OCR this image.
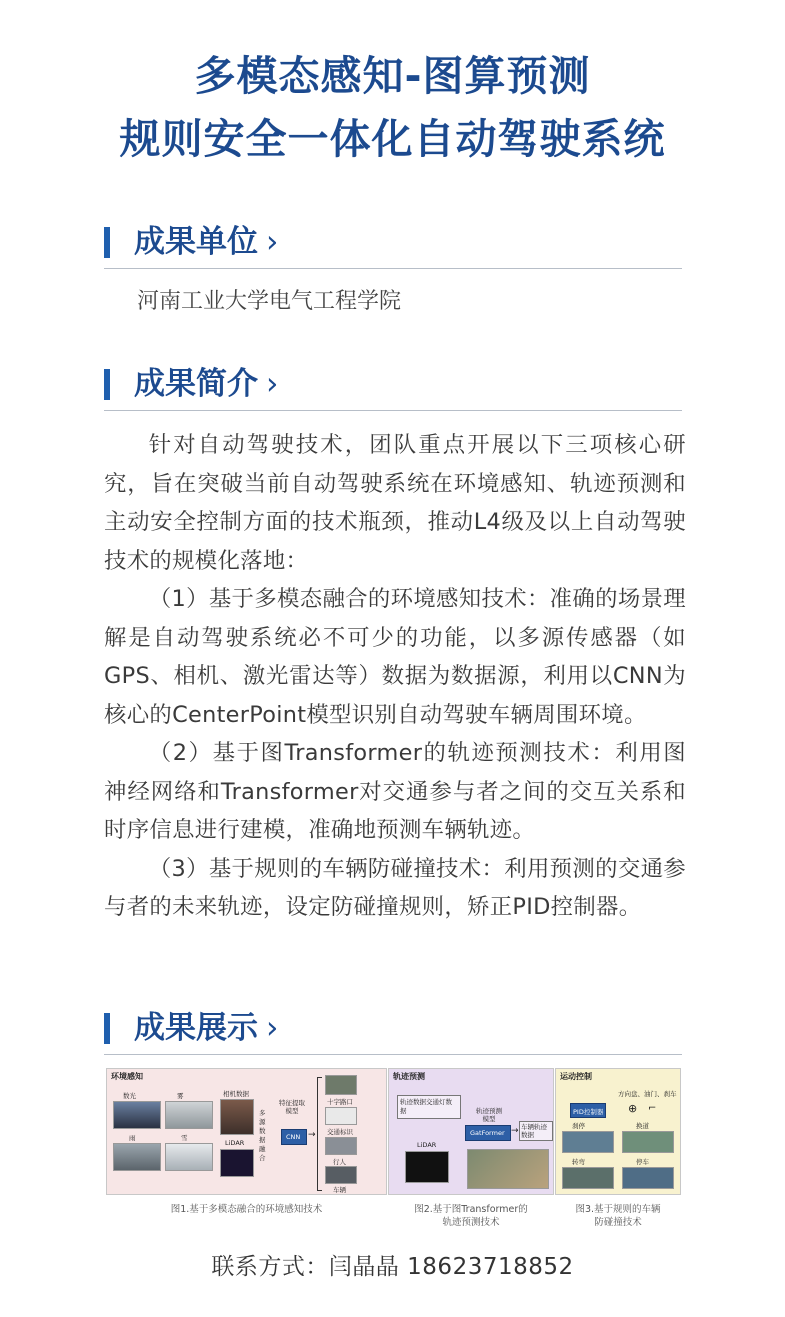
多模态感知-图算预测
规则安全一体化自动驾驶系统
成果单位 ›
河南工业大学电气工程学院
成果简介 ›

针对自动驾驶技术，团队重点开展以下三项核心研究，旨在突破当前自动驾驶系统在环境感知、轨迹预测和主动安全控制方面的技术瓶颈，推动L4级及以上自动驾驶技术的规模化落地：

（1）基于多模态融合的环境感知技术：准确的场景理解是自动驾驶系统必不可少的功能，以多源传感器（如GPS、相机、激光雷达等）数据为数据源，利用以CNN为核心的CenterPoint模型识别自动驾驶车辆周围环境。

（2）基于图Transformer的轨迹预测技术：利用图神经网络和Transformer对交通参与者之间的交互关系和时序信息进行建模，准确地预测车辆轨迹。

（3）基于规则的车辆防碰撞技术：利用预测的交通参与者的未来轨迹，设定防碰撞规则，矫正PID控制器。

成果展示 ›
环境感知
数光	雾
雨	雪
相机数据
LiDAR
多源数据融合
特征提取模型
CNN →
十字路口
交通标识
行人
车辆
轨迹预测
轨迹数据交通灯数据
LiDAR
轨迹预测模型
GatFormer → 车辆轨迹数据
运动控制
方向盘、油门、刹车
PID控制器 ⊕ ⌐
刹停	换道
转弯	停车
图1.基于多模态融合的环境感知技术	图2.基于图Transformer的
轨迹预测技术
图3.基于规则的车辆
防碰撞技术
联系方式：闫晶晶 18623718852
